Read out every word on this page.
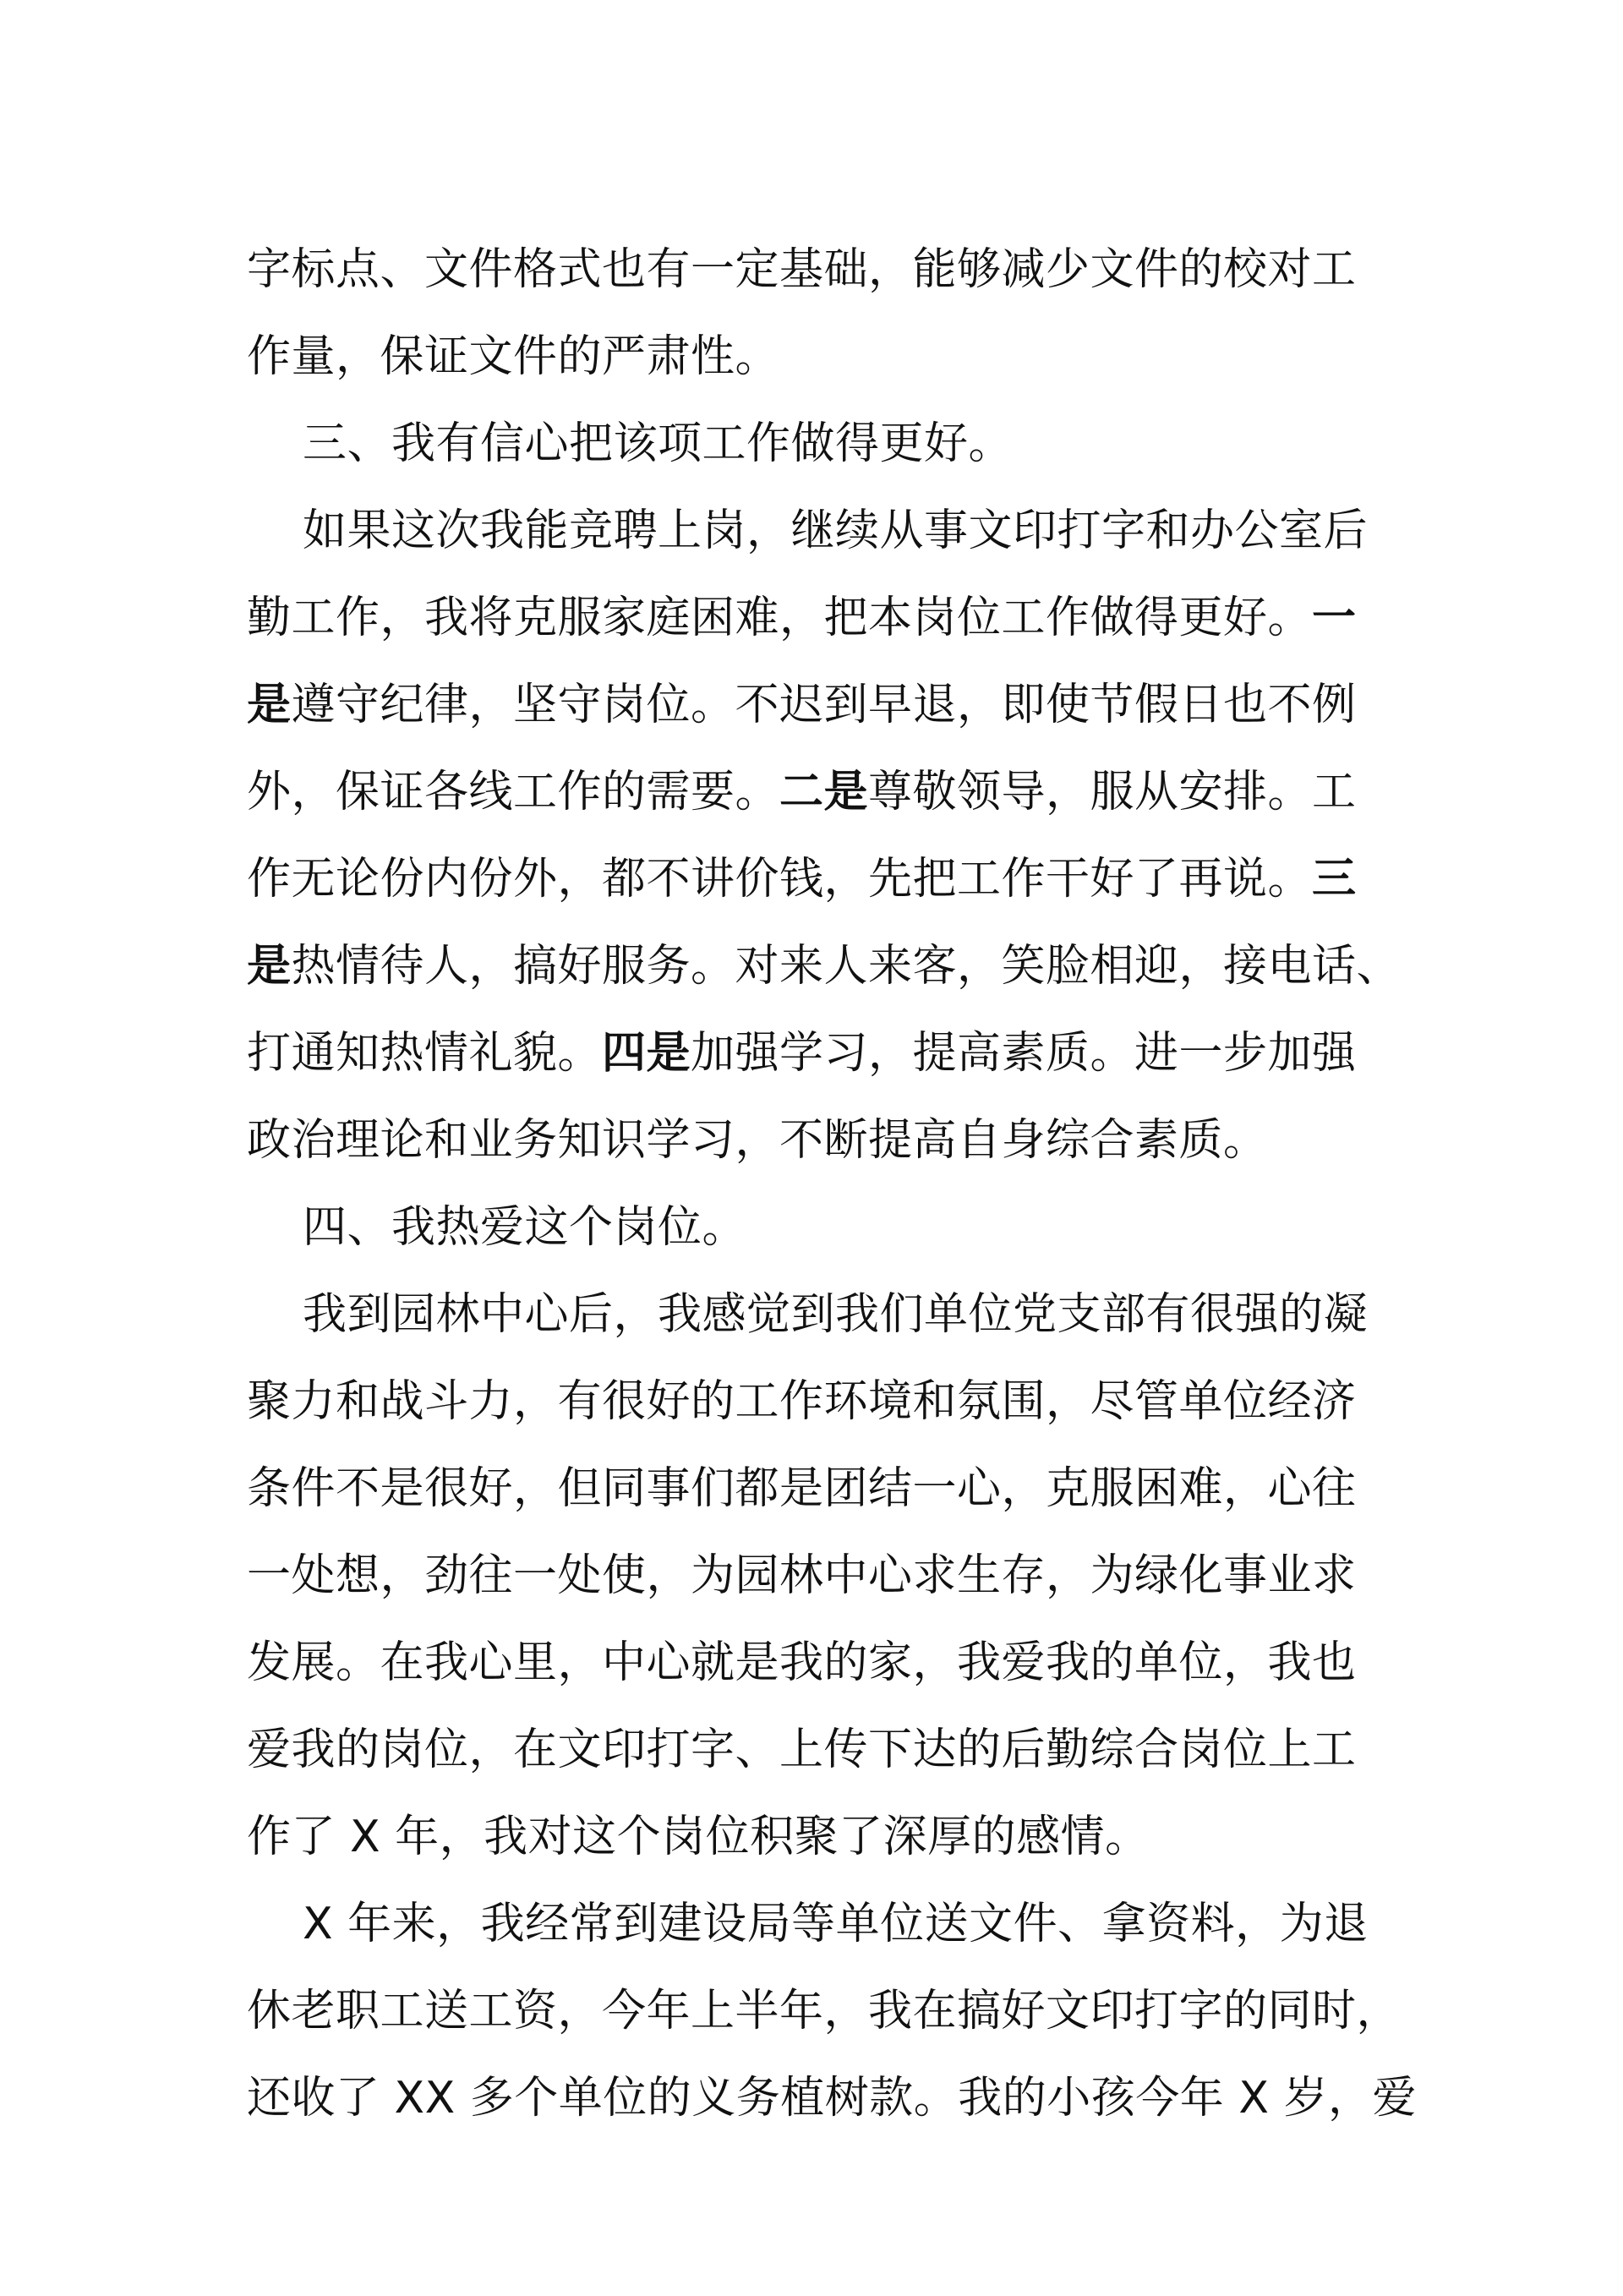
字标点、文件格式也有一定基础，能够减少文件的校对工
作量，保证文件的严肃性。
三、我有信心把该项工作做得更好。
如果这次我能竞聘上岗，继续从事文印打字和办公室后
勤工作，我将克服家庭困难，把本岗位工作做得更好。一
是遵守纪律，坚守岗位。不迟到早退，即使节假日也不例
外，保证各线工作的需要。二是尊敬领导，服从安排。工
作无论份内份外，都不讲价钱，先把工作干好了再说。三
是热情待人，搞好服务。对来人来客，笑脸相迎，接电话、
打通知热情礼貌。四是加强学习，提高素质。进一步加强
政治理论和业务知识学习，不断提高自身综合素质。
四、我热爱这个岗位。
我到园林中心后，我感觉到我们单位党支部有很强的凝
聚力和战斗力，有很好的工作环境和氛围，尽管单位经济
条件不是很好，但同事们都是团结一心，克服困难，心往
一处想，劲往一处使，为园林中心求生存，为绿化事业求
发展。在我心里，中心就是我的家，我爱我的单位，我也
爱我的岗位，在文印打字、上传下达的后勤综合岗位上工
作了 X 年，我对这个岗位积聚了深厚的感情。
X 年来，我经常到建设局等单位送文件、拿资料，为退
休老职工送工资，今年上半年，我在搞好文印打字的同时，
还收了 XX 多个单位的义务植树款。我的小孩今年 X 岁，爱
